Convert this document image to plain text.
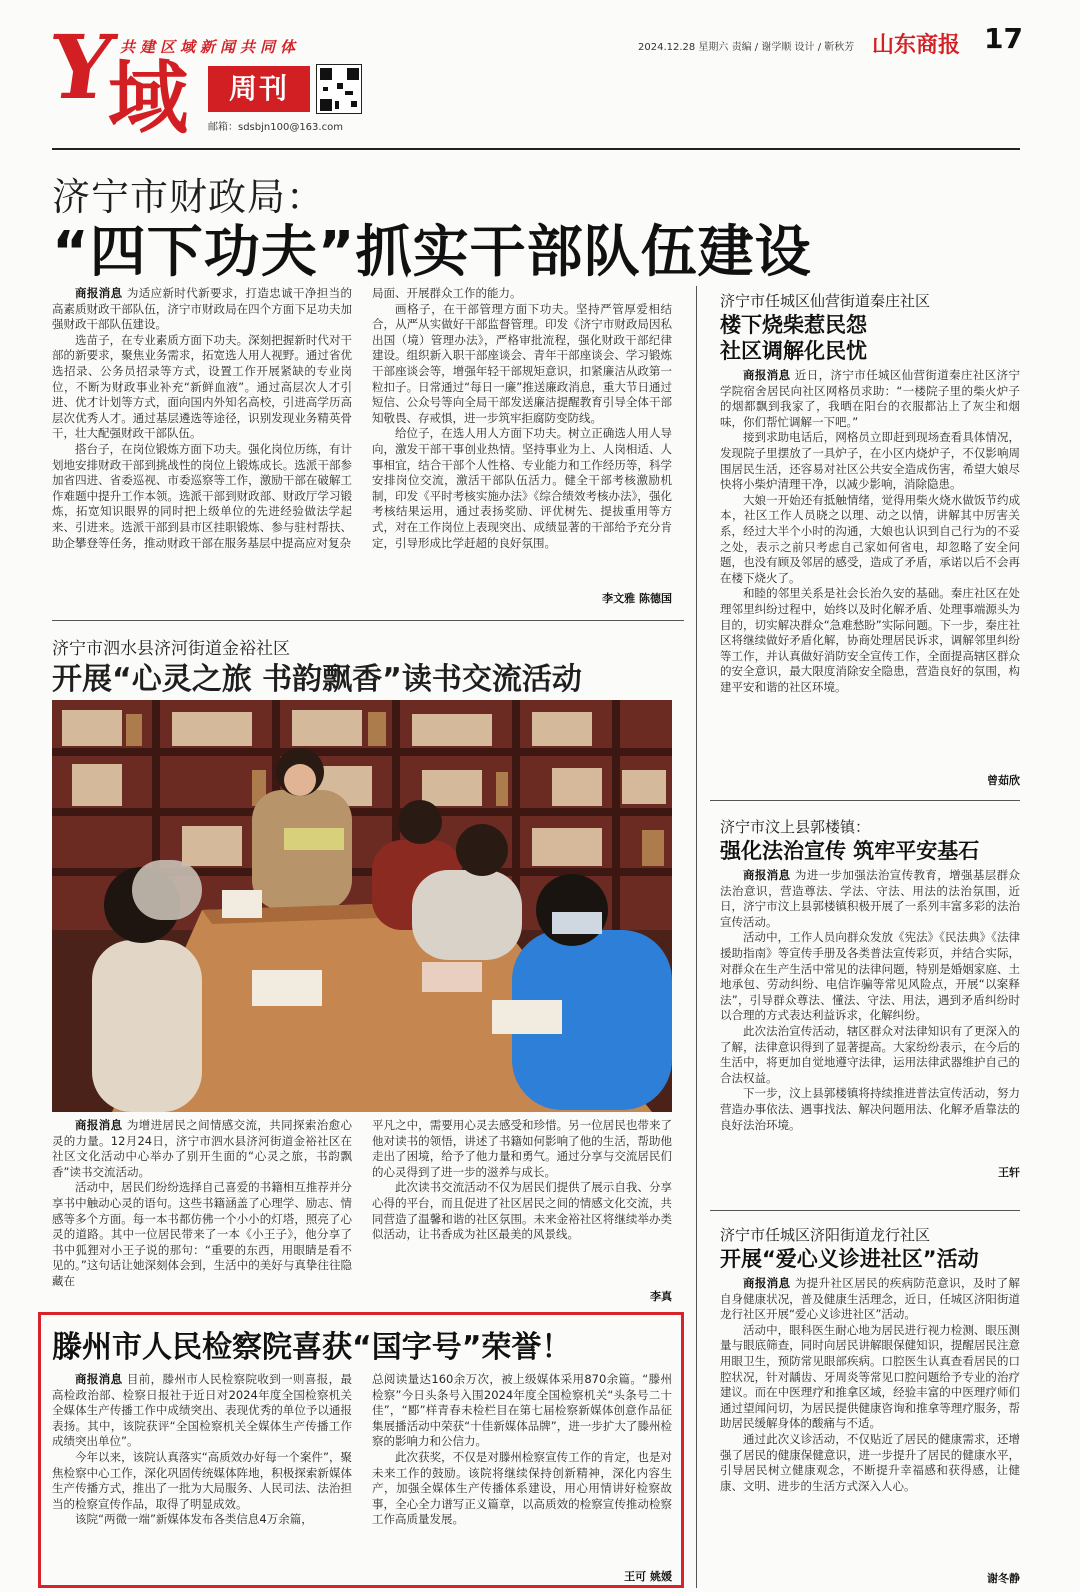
Y
域
共建区域新闻共同体
周刊
邮箱：sdsbjn100@163.com
2024.12.28 星期六 责编 / 谢学顺 设计 / 靳秋芳 山东商报 17
济宁市财政局：
“四下功夫”抓实干部队伍建设

商报消息 为适应新时代新要求，打造忠诚干净担当的高素质财政干部队伍，济宁市财政局在四个方面下足功夫加强财政干部队伍建设。

选苗子，在专业素质方面下功夫。深刻把握新时代对干部的新要求，聚焦业务需求，拓宽选人用人视野。通过省优选招录、公务员招录等方式，设置工作开展紧缺的专业岗位，不断为财政事业补充“新鲜血液”。通过高层次人才引进、优才计划等方式，面向国内外知名高校，引进高学历高层次优秀人才。通过基层遴选等途径，识别发现业务精英骨干，壮大配强财政干部队伍。

搭台子，在岗位锻炼方面下功夫。强化岗位历练，有计划地安排财政干部到挑战性的岗位上锻炼成长。选派干部参加省四进、省委巡视、市委巡察等工作，激励干部在破解工作难题中提升工作本领。选派干部到财政部、财政厅学习锻炼，拓宽知识眼界的同时把上级单位的先进经验做法学起来、引进来。选派干部到县市区挂职锻炼、参与驻村帮扶、助企攀登等任务，推动财政干部在服务基层中提高应对复杂

局面、开展群众工作的能力。

画格子，在干部管理方面下功夫。坚持严管厚爱相结合，从严从实做好干部监督管理。印发《济宁市财政局因私出国（境）管理办法》，严格审批流程，强化财政干部纪律建设。组织新入职干部座谈会、青年干部座谈会、学习锻炼干部座谈会等，增强年轻干部规矩意识，扣紧廉洁从政第一粒扣子。日常通过“每日一廉”推送廉政消息，重大节日通过短信、公众号等向全局干部发送廉洁提醒教育引导全体干部知敬畏、存戒惧，进一步筑牢拒腐防变防线。

给位子，在选人用人方面下功夫。树立正确选人用人导向，激发干部干事创业热情。坚持事业为上、人岗相适、人事相宜，结合干部个人性格、专业能力和工作经历等，科学安排岗位交流，激活干部队伍活力。健全干部考核激励机制，印发《平时考核实施办法》《综合绩效考核办法》，强化考核结果运用，通过表扬奖励、评优树先、提拔重用等方式，对在工作岗位上表现突出、成绩显著的干部给予充分肯定，引导形成比学赶超的良好氛围。

李文雅 陈德国
济宁市泗水县济河街道金裕社区
开展“心灵之旅 书韵飘香”读书交流活动

商报消息 为增进居民之间情感交流，共同探索治愈心灵的力量。12月24日，济宁市泗水县济河街道金裕社区在社区文化活动中心举办了别开生面的“心灵之旅，书韵飘香”读书交流活动。

活动中，居民们纷纷选择自己喜爱的书籍相互推荐并分享书中触动心灵的语句。这些书籍涵盖了心理学、励志、情感等多个方面。每一本书都仿佛一个小小的灯塔，照亮了心灵的道路。其中一位居民带来了一本《小王子》，他分享了书中狐狸对小王子说的那句：“重要的东西，用眼睛是看不见的。”这句话让她深刻体会到，生活中的美好与真挚往往隐藏在

平凡之中，需要用心灵去感受和珍惜。另一位居民也带来了他对读书的领悟，讲述了书籍如何影响了他的生活，帮助他走出了困境，给予了他力量和勇气。通过分享与交流居民们的心灵得到了进一步的滋养与成长。

此次读书交流活动不仅为居民们提供了展示自我、分享心得的平台，而且促进了社区居民之间的情感文化交流，共同营造了温馨和谐的社区氛围。未来金裕社区将继续举办类似活动，让书香成为社区最美的风景线。

李真
滕州市人民检察院喜获“国字号”荣誉！

商报消息 目前，滕州市人民检察院收到一则喜报，最高检政治部、检察日报社于近日对2024年度全国检察机关全媒体生产传播工作中成绩突出、表现优秀的单位予以通报表扬。其中，该院获评“全国检察机关全媒体生产传播工作成绩突出单位”。

今年以来，该院认真落实“高质效办好每一个案件”，聚焦检察中心工作，深化巩固传统媒体阵地，积极探索新媒体生产传播方式，推出了一批为大局服务、人民司法、法治担当的检察宣传作品，取得了明显成效。

该院“两微一端”新媒体发布各类信息4万余篇，

总阅读量达160余万次，被上级媒体采用870余篇。“滕州检察”今日头条号入围2024年度全国检察机关“头条号二十佳”，“郾”样青春未检栏目在第七届检察新媒体创意作品征集展播活动中荣获“十佳新媒体品牌”，进一步扩大了滕州检察的影响力和公信力。

此次获奖，不仅是对滕州检察宣传工作的肯定，也是对未来工作的鼓励。该院将继续保持创新精神，深化内容生产，加强全媒体生产传播体系建设，用心用情讲好检察故事，全心全力谱写正义篇章，以高质效的检察宣传推动检察工作高质量发展。

王可 姚媛
济宁市任城区仙营街道秦庄社区
楼下烧柴惹民怨
社区调解化民忧

商报消息 近日，济宁市任城区仙营街道秦庄社区济宁学院宿舍居民向社区网格员求助：“一楼院子里的柴火炉子的烟都飘到我家了，我晒在阳台的衣服都沾上了灰尘和烟味，你们帮忙调解一下吧。”

接到求助电话后，网格员立即赶到现场查看具体情况，发现院子里摆放了一具炉子，在小区内烧炉子，不仅影响周围居民生活，还容易对社区公共安全造成伤害，希望大娘尽快将小柴炉清理干净，以减少影响，消除隐患。

大娘一开始还有抵触情绪，觉得用柴火烧水做饭节约成本，社区工作人员晓之以理、动之以情，讲解其中厉害关系，经过大半个小时的沟通，大娘也认识到自己行为的不妥之处，表示之前只考虑自己家如何省电，却忽略了安全问题，也没有顾及邻居的感受，造成了矛盾，承诺以后不会再在楼下烧火了。

和睦的邻里关系是社会长治久安的基础。秦庄社区在处理邻里纠纷过程中，始终以及时化解矛盾、处理事端源头为目的，切实解决群众“急难愁盼”实际问题。下一步，秦庄社区将继续做好矛盾化解，协商处理居民诉求，调解邻里纠纷等工作，并认真做好消防安全宣传工作，全面提高辖区群众的安全意识，最大限度消除安全隐患，营造良好的氛围，构建平安和谐的社区环境。

曾茹欣
济宁市汶上县郭楼镇：
强化法治宣传 筑牢平安基石

商报消息 为进一步加强法治宣传教育，增强基层群众法治意识，营造尊法、学法、守法、用法的法治氛围，近日，济宁市汶上县郭楼镇积极开展了一系列丰富多彩的法治宣传活动。

活动中，工作人员向群众发放《宪法》《民法典》《法律援助指南》等宣传手册及各类普法宣传彩页，并结合实际，对群众在生产生活中常见的法律问题，特别是婚姻家庭、土地承包、劳动纠纷、电信诈骗等常见风险点，开展“以案释法”，引导群众尊法、懂法、守法、用法，遇到矛盾纠纷时以合理的方式表达利益诉求，化解纠纷。

此次法治宣传活动，辖区群众对法律知识有了更深入的了解，法律意识得到了显著提高。大家纷纷表示，在今后的生活中，将更加自觉地遵守法律，运用法律武器维护自己的合法权益。

下一步，汶上县郭楼镇将持续推进普法宣传活动，努力营造办事依法、遇事找法、解决问题用法、化解矛盾靠法的良好法治环境。

王轩
济宁市任城区济阳街道龙行社区
开展“爱心义诊进社区”活动

商报消息 为提升社区居民的疾病防范意识，及时了解自身健康状况，普及健康生活理念，近日，任城区济阳街道龙行社区开展“爱心义诊进社区”活动。

活动中，眼科医生耐心地为居民进行视力检测、眼压测量与眼底筛查，同时向居民讲解眼保健知识，提醒居民注意用眼卫生，预防常见眼部疾病。口腔医生认真查看居民的口腔状况，针对龋齿、牙周炎等常见口腔问题给予专业的治疗建议。而在中医理疗和推拿区域，经验丰富的中医理疗师们通过望闻问切，为居民提供健康咨询和推拿等理疗服务，帮助居民缓解身体的酸痛与不适。

通过此次义诊活动，不仅贴近了居民的健康需求，还增强了居民的健康保健意识，进一步提升了居民的健康水平，引导居民树立健康观念，不断提升幸福感和获得感，让健康、文明、进步的生活方式深入人心。

谢冬静
